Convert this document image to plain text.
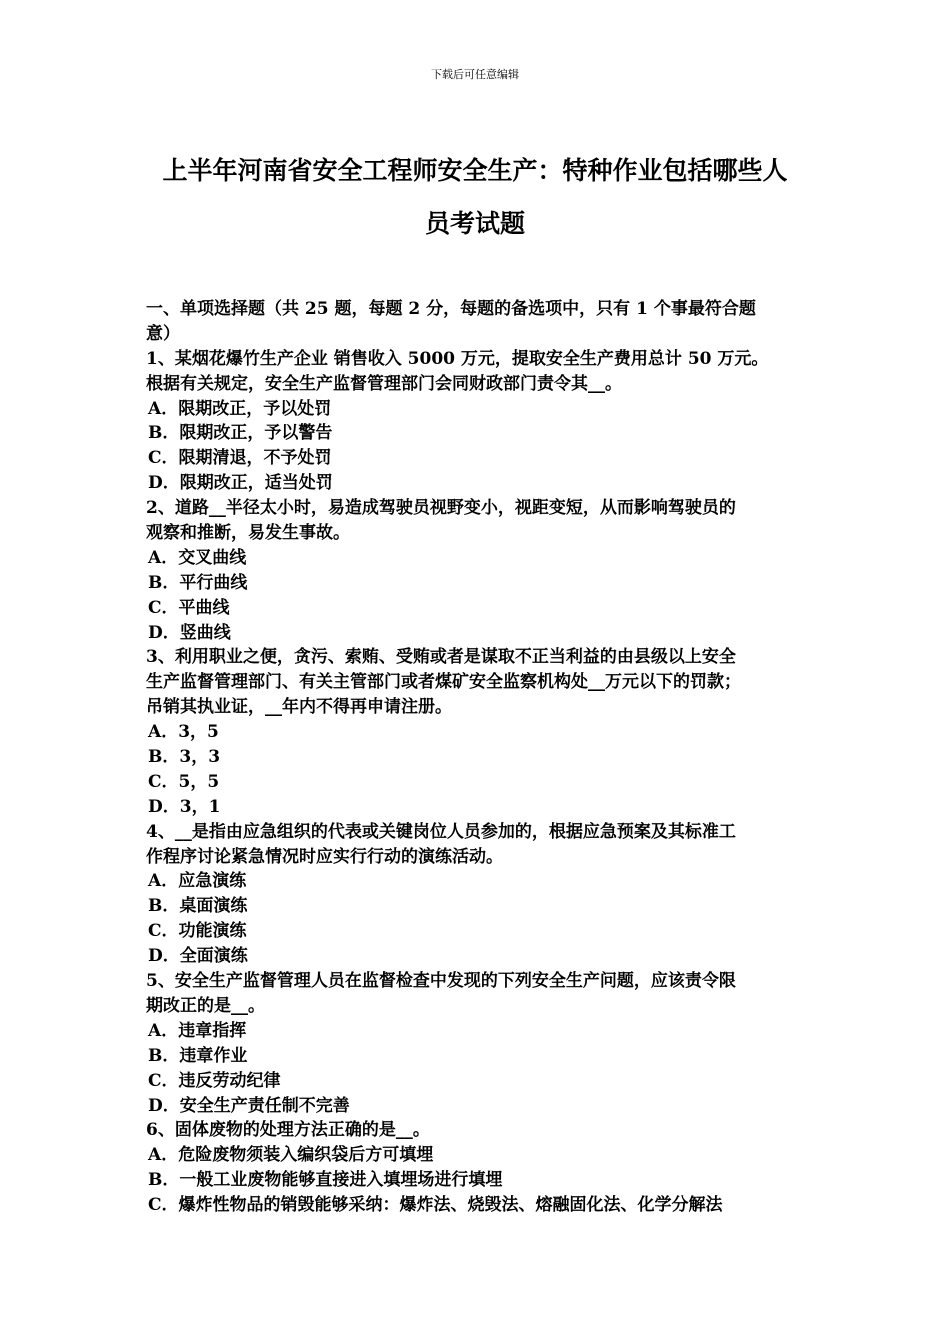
下载后可任意编辑
上半年河南省安全工程师安全生产：特种作业包括哪些人
员考试题
一、单项选择题（共 25 题，每题 2 分，每题的备选项中，只有 1 个事最符合题
意）
1、某烟花爆竹生产企业 销售收入 5000 万元，提取安全生产费用总计 50 万元。
根据有关规定，安全生产监督管理部门会同财政部门责令其__。
A．限期改正，予以处罚
B．限期改正，予以警告
C．限期清退，不予处罚
D．限期改正，适当处罚
2、道路__半径太小时，易造成驾驶员视野变小，视距变短，从而影响驾驶员的
观察和推断，易发生事故。
A．交叉曲线
B．平行曲线
C．平曲线
D．竖曲线
3、利用职业之便，贪污、索贿、受贿或者是谋取不正当利益的由县级以上安全
生产监督管理部门、有关主管部门或者煤矿安全监察机构处__万元以下的罚款；
吊销其执业证，__年内不得再申请注册。
A．3，5
B．3，3
C．5，5
D．3，1
4、__是指由应急组织的代表或关键岗位人员参加的，根据应急预案及其标准工
作程序讨论紧急情况时应实行行动的演练活动。
A．应急演练
B．桌面演练
C．功能演练
D．全面演练
5、安全生产监督管理人员在监督检查中发现的下列安全生产问题，应该责令限
期改正的是__。
A．违章指挥
B．违章作业
C．违反劳动纪律
D．安全生产责任制不完善
6、固体废物的处理方法正确的是__。
A．危险废物须装入编织袋后方可填埋
B．一般工业废物能够直接进入填埋场进行填埋
C．爆炸性物品的销毁能够采纳：爆炸法、烧毁法、熔融固化法、化学分解法
